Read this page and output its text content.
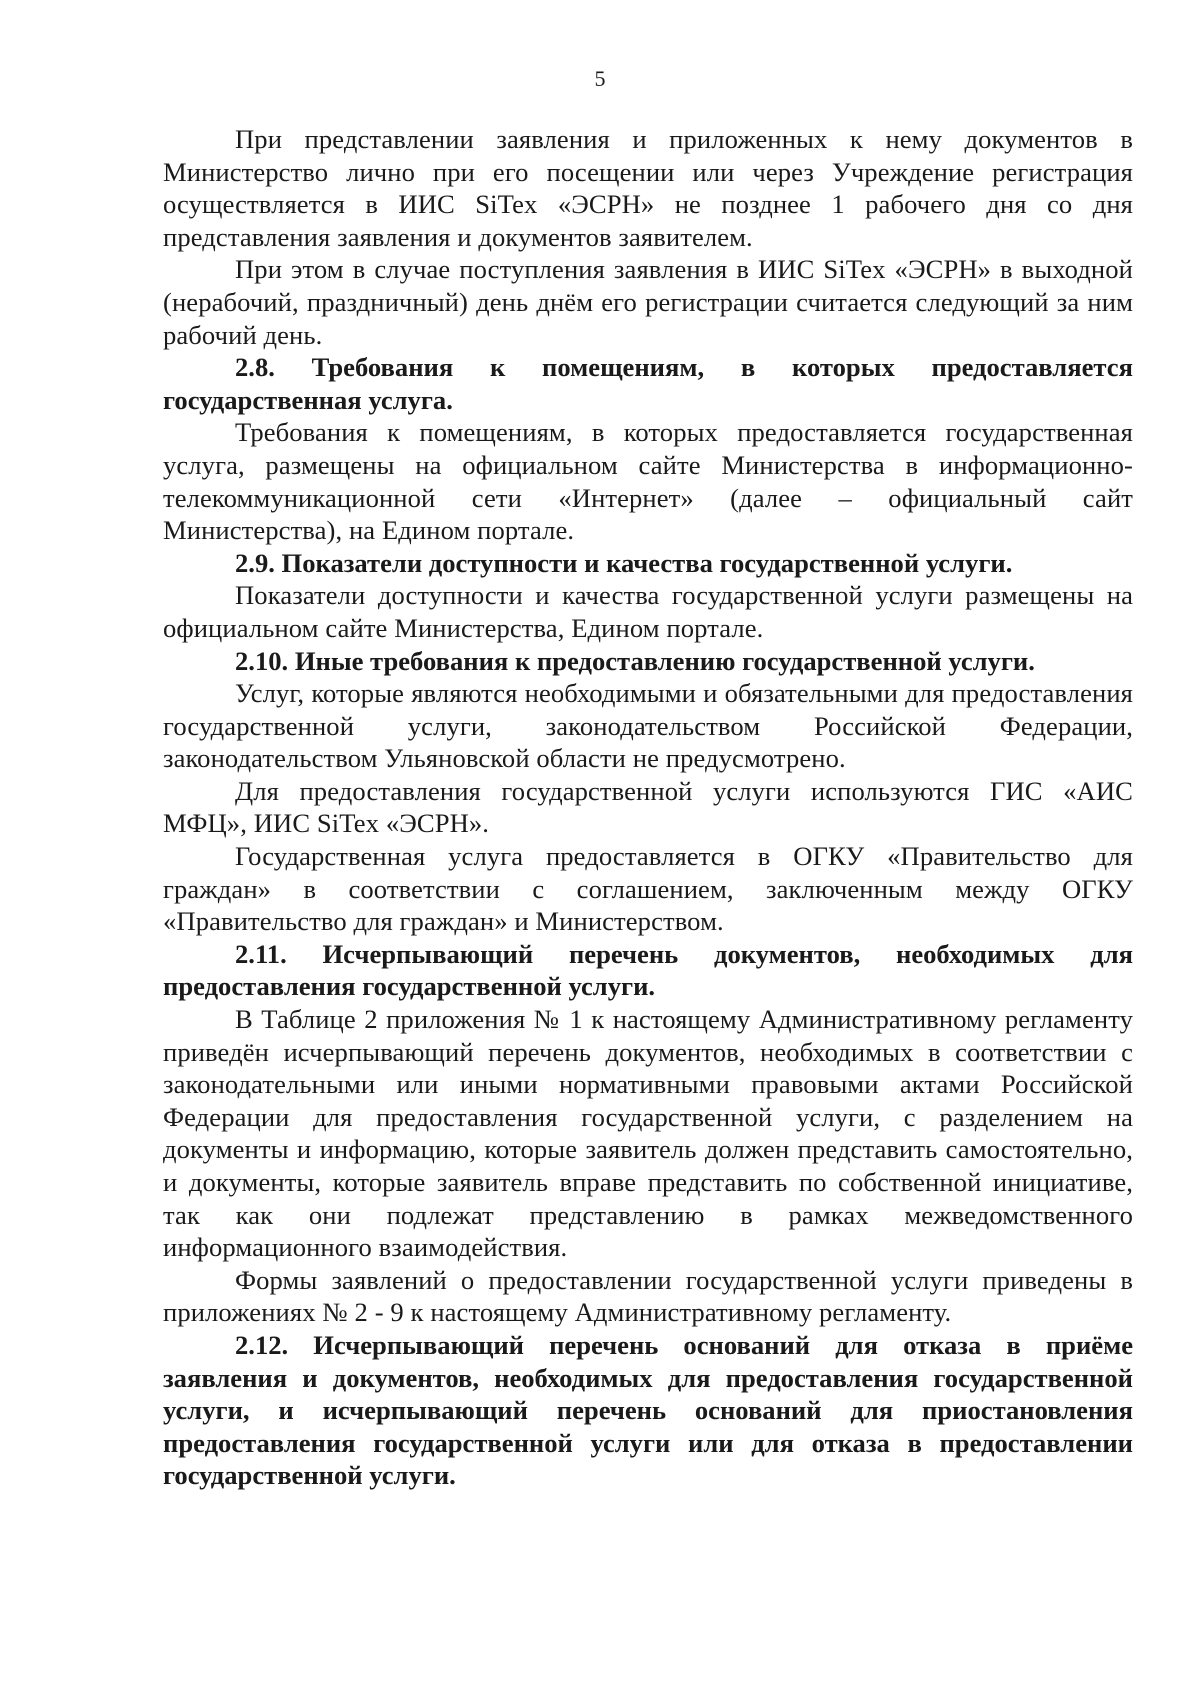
5

При представлении заявления и приложенных к нему документов в Министерство лично при его посещении или через Учреждение регистрация осуществляется в ИИС SiTex «ЭСРН» не позднее 1 рабочего дня со дня представления заявления и документов заявителем.

При этом в случае поступления заявления в ИИС SiTex «ЭСРН» в выходной (нерабочий, праздничный) день днём его регистрации считается следующий за ним рабочий день.

2.8. Требования к помещениям, в которых предоставляется государственная услуга.

Требования к помещениям, в которых предоставляется государственная услуга, размещены на официальном сайте Министерства в информационно-телекоммуникационной сети «Интернет» (далее – официальный сайт Министерства), на Едином портале.

2.9. Показатели доступности и качества государственной услуги.

Показатели доступности и качества государственной услуги размещены на официальном сайте Министерства, Едином портале.

2.10. Иные требования к предоставлению государственной услуги.

Услуг, которые являются необходимыми и обязательными для предоставления государственной услуги, законодательством Российской Федерации, законодательством Ульяновской области не предусмотрено.

Для предоставления государственной услуги используются ГИС «АИС МФЦ», ИИС SiTex «ЭСРН».

Государственная услуга предоставляется в ОГКУ «Правительство для граждан» в соответствии с соглашением, заключенным между ОГКУ «Правительство для граждан» и Министерством.

2.11. Исчерпывающий перечень документов, необходимых для предоставления государственной услуги.

В Таблице 2 приложения № 1 к настоящему Административному регламенту приведён исчерпывающий перечень документов, необходимых в соответствии с законодательными или иными нормативными правовыми актами Российской Федерации для предоставления государственной услуги, с разделением на документы и информацию, которые заявитель должен представить самостоятельно, и документы, которые заявитель вправе представить по собственной инициативе, так как они подлежат представлению в рамках межведомственного информационного взаимодействия.

Формы заявлений о предоставлении государственной услуги приведены в приложениях № 2 - 9 к настоящему Административному регламенту.

2.12. Исчерпывающий перечень оснований для отказа в приёме заявления и документов, необходимых для предоставления государственной услуги, и исчерпывающий перечень оснований для приостановления предоставления государственной услуги или для отказа в предоставлении государственной услуги.
